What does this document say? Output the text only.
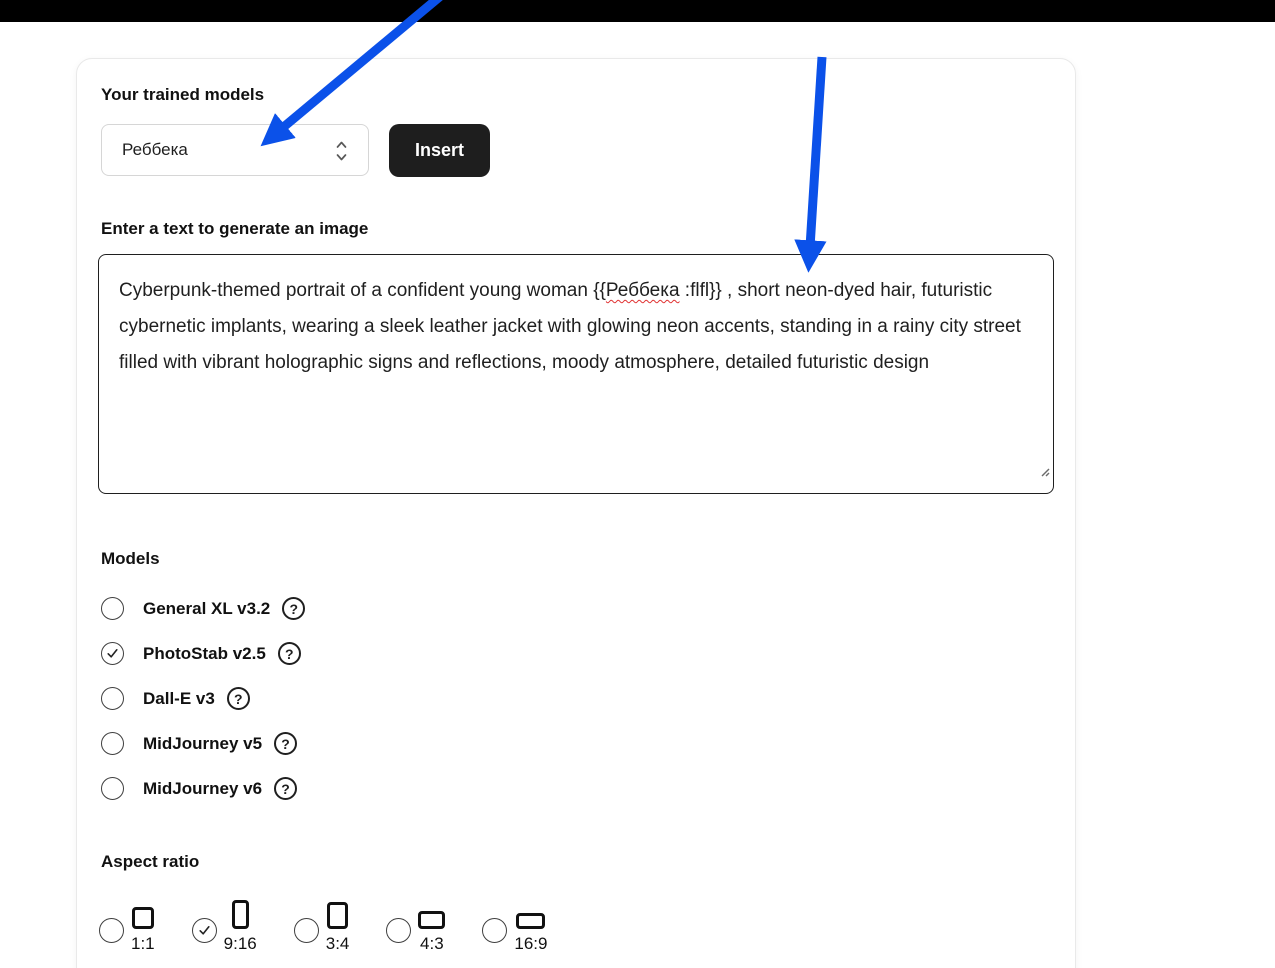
Your trained models
Реббека	Insert
Enter a text to generate an image
Cyberpunk-themed portrait of a confident young woman {{Реббека :flfl}} , short neon-dyed hair, futuristic cybernetic implants, wearing a sleek leather jacket with glowing neon accents, standing in a rainy city street filled with vibrant holographic signs and reflections, moody atmosphere, detailed futuristic design
Models
General XL v3.2	?
PhotoStab v2.5	?
Dall-E v3	?
MidJourney v5	?
MidJourney v6	?
Aspect ratio
1:1	9:16	3:4	4:3	16:9
